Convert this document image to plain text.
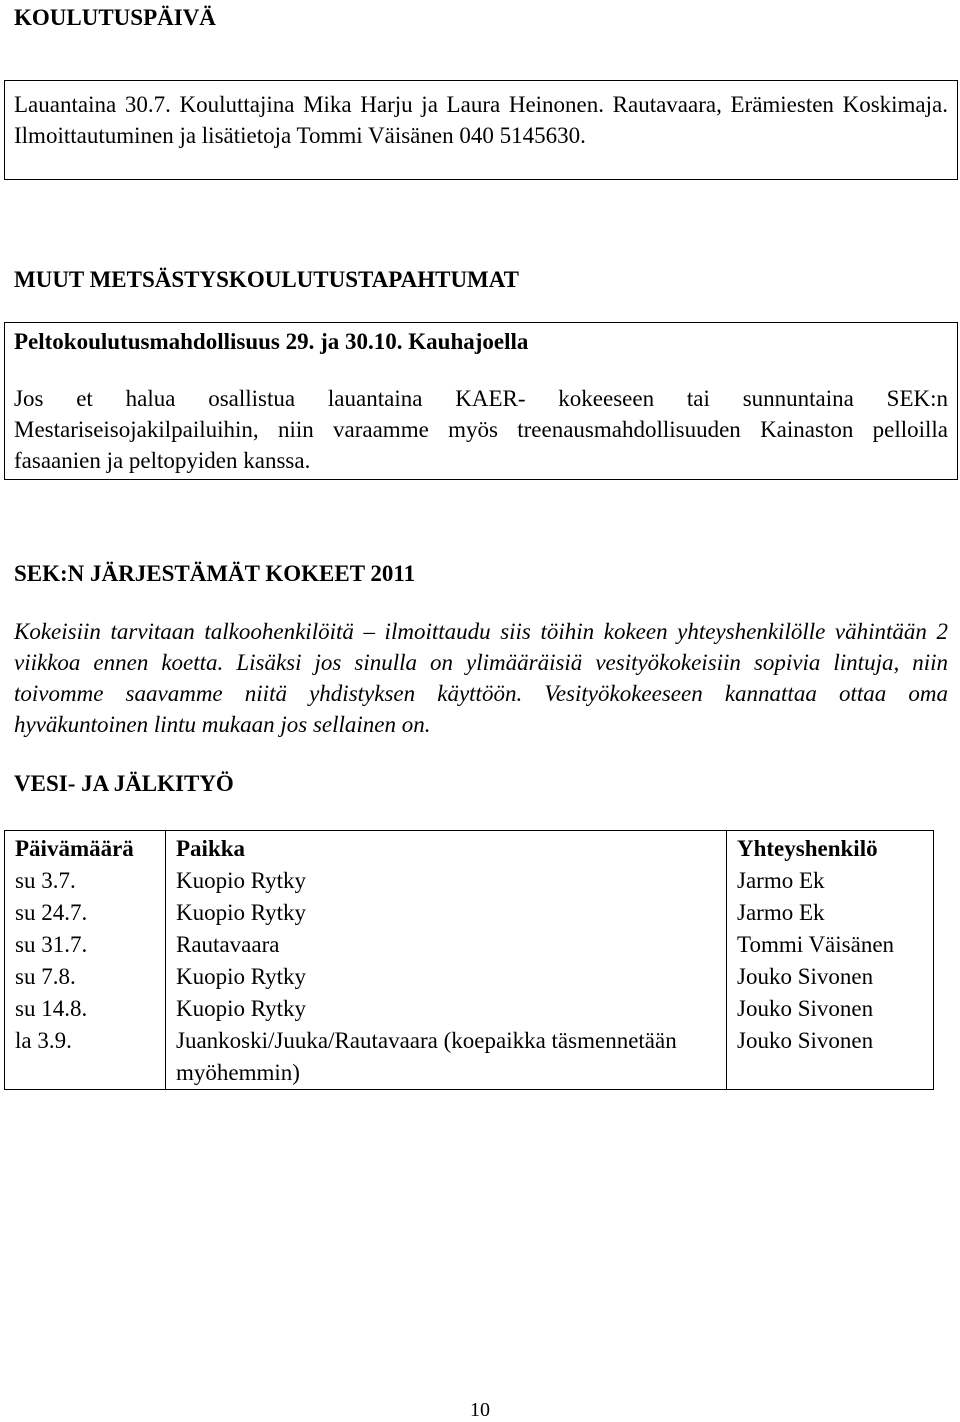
KOULUTUSPÄIVÄ

Lauantaina 30.7. Kouluttajina Mika Harju ja Laura Heinonen. Rautavaara, Erämiesten Koskimaja. Ilmoittautuminen ja lisätietoja Tommi Väisänen 040 5145630.

MUUT METSÄSTYSKOULUTUSTAPAHTUMAT
Peltokoulutusmahdollisuus 29. ja 30.10. Kauhajoella

Jos et halua osallistua lauantaina KAER- kokeeseen tai sunnuntaina SEK:n Mestariseisojakilpailuihin, niin varaamme myös treenausmahdollisuuden Kainaston pelloilla fasaanien ja peltopyiden kanssa.

SEK:N JÄRJESTÄMÄT KOKEET 2011

Kokeisiin tarvitaan talkoohenkilöitä – ilmoittaudu siis töihin kokeen yhteyshenkilölle vähintään 2 viikkoa ennen koetta. Lisäksi jos sinulla on ylimääräisiä vesityökokeisiin sopivia lintuja, niin toivomme saavamme niitä yhdistyksen käyttöön. Vesityökokeeseen kannattaa ottaa oma hyväkuntoinen lintu mukaan jos sellainen on.

VESI- JA JÄLKITYÖ
Päivämäärä	Paikka	Yhteyshenkilö
su 3.7.	Kuopio Rytky	Jarmo Ek
su 24.7.	Kuopio Rytky	Jarmo Ek
su 31.7.	Rautavaara	Tommi Väisänen
su 7.8.	Kuopio Rytky	Jouko Sivonen
su 14.8.	Kuopio Rytky	Jouko Sivonen
la 3.9.	Juankoski/Juuka/Rautavaara (koepaikka täsmennetään myöhemmin)	Jouko Sivonen

10
